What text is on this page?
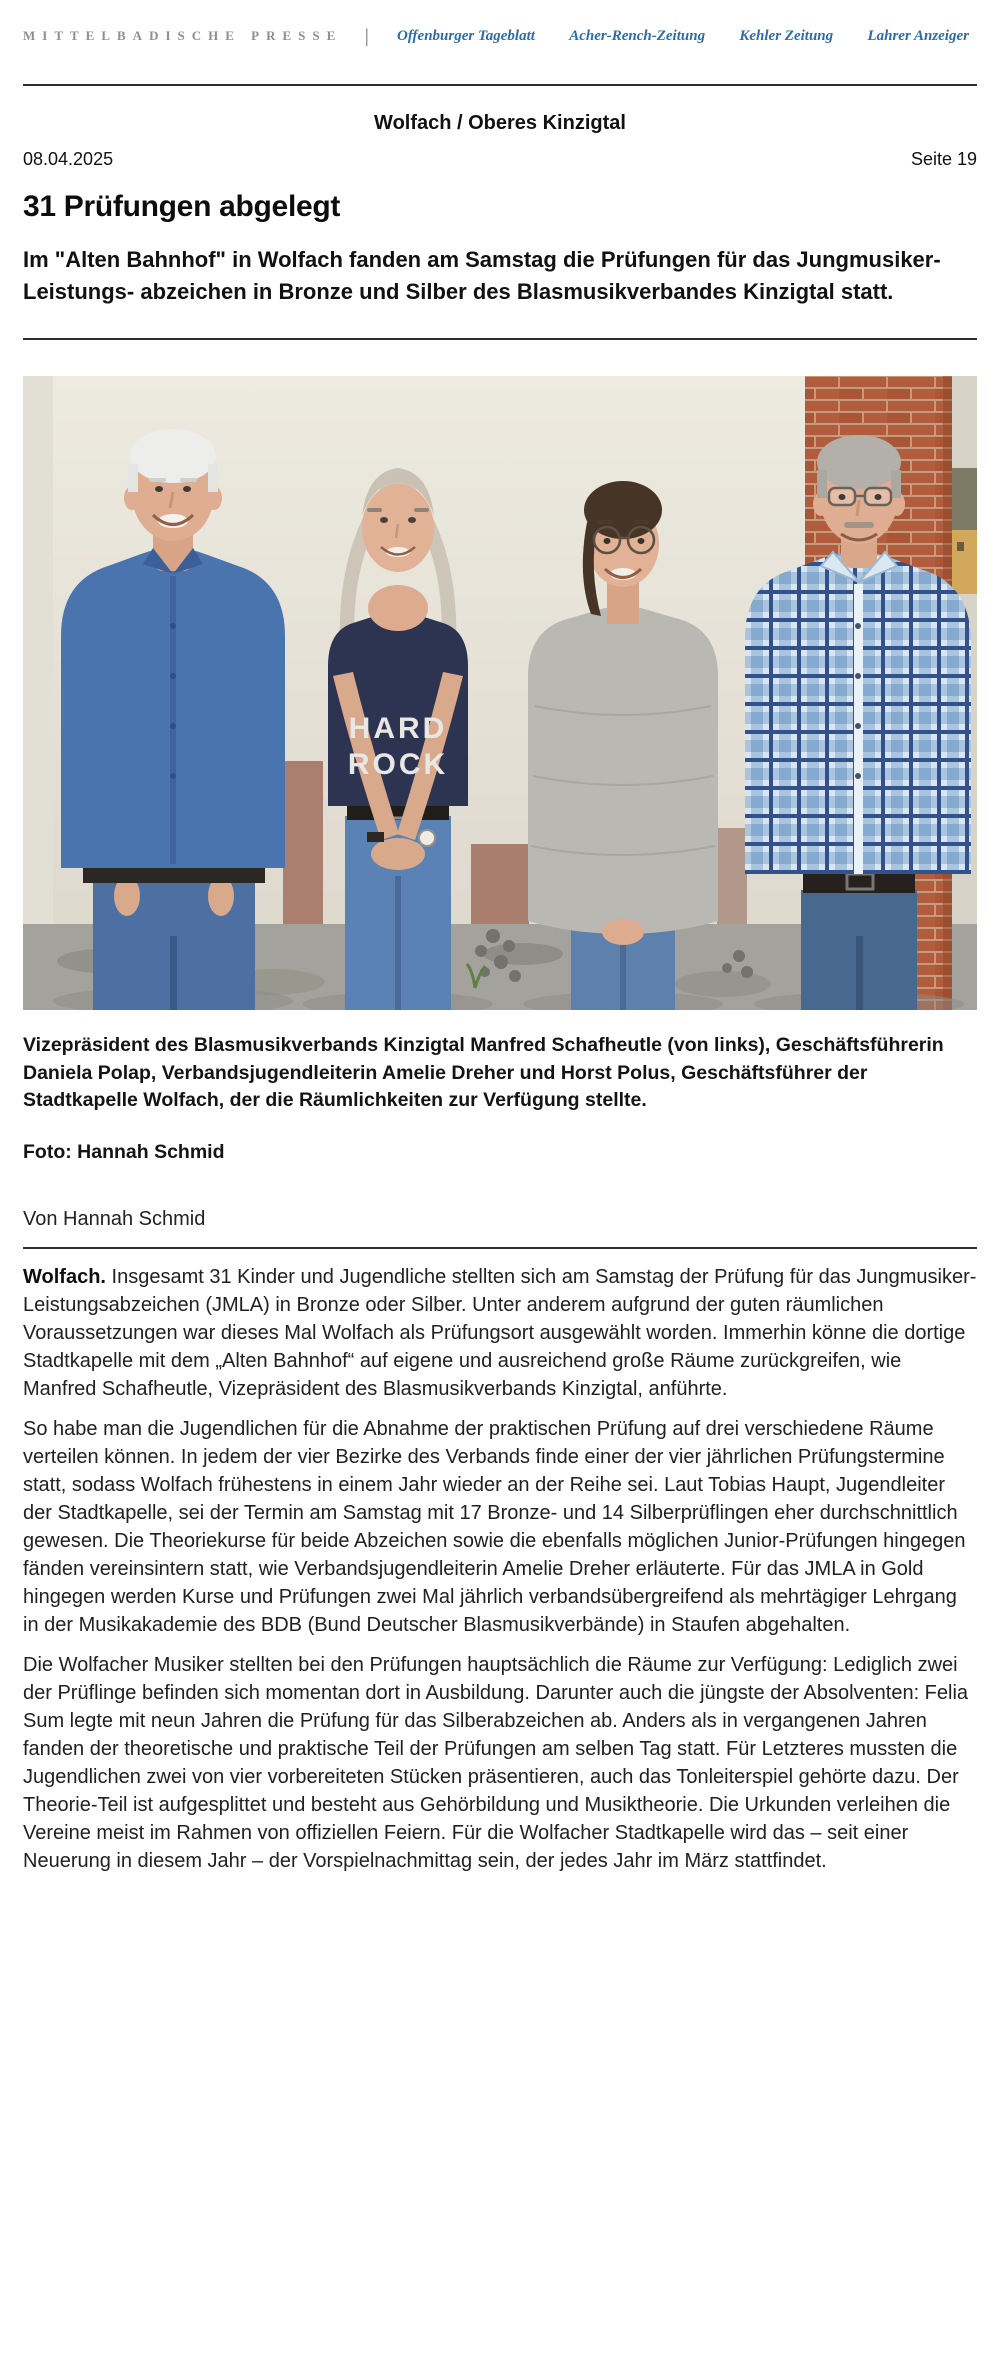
MITTELBADISCHE PRESSE | Offenburger Tageblatt Acher-Rench-Zeitung Kehler Zeitung Lahrer Anzeiger
Wolfach / Oberes Kinzigtal
08.04.2025	Seite 19
31 Prüfungen abgelegt

Im "Alten Bahnhof" in Wolfach fanden am Samstag die Prüfungen für das Jungmusiker-Leistungs- abzeichen in Bronze und Silber des Blasmusikverbandes Kinzigtal statt.

HARD
ROCK
Vizepräsident des Blasmusikverbands Kinzigtal Manfred Schafheutle (von links), Geschäftsführerin Daniela Polap, Verbandsjugendleiterin Amelie Dreher und Horst Polus, Geschäftsführer der Stadtkapelle Wolfach, der die Räumlichkeiten zur Verfügung stellte.
Foto: Hannah Schmid
Von Hannah Schmid

Wolfach. Insgesamt 31 Kinder und Jugendliche stellten sich am Samstag der Prüfung für das Jungmusiker-Leistungsabzeichen (JMLA) in Bronze oder Silber. Unter anderem aufgrund der guten räumlichen Voraussetzungen war dieses Mal Wolfach als Prüfungsort ausgewählt worden. Immerhin könne die dortige Stadtkapelle mit dem „Alten Bahnhof“ auf eigene und ausreichend große Räume zurückgreifen, wie Manfred Schafheutle, Vizepräsident des Blasmusikverbands Kinzigtal, anführte.

So habe man die Jugendlichen für die Abnahme der praktischen Prüfung auf drei verschiedene Räume verteilen können. In jedem der vier Bezirke des Verbands finde einer der vier jährlichen Prüfungstermine statt, sodass Wolfach frühestens in einem Jahr wieder an der Reihe sei. Laut Tobias Haupt, Jugendleiter der Stadtkapelle, sei der Termin am Samstag mit 17 Bronze- und 14 Silberprüflingen eher durchschnittlich gewesen. Die Theoriekurse für beide Abzeichen sowie die ebenfalls möglichen Junior-Prüfungen hingegen fänden vereinsintern statt, wie Verbandsjugendleiterin Amelie Dreher erläuterte. Für das JMLA in Gold hingegen werden Kurse und Prüfungen zwei Mal jährlich verbandsübergreifend als mehrtägiger Lehrgang in der Musikakademie des BDB (Bund Deutscher Blasmusikverbände) in Staufen abgehalten.

Die Wolfacher Musiker stellten bei den Prüfungen hauptsächlich die Räume zur Verfügung: Lediglich zwei der Prüflinge befinden sich momentan dort in Ausbildung. Darunter auch die jüngste der Absolventen: Felia Sum legte mit neun Jahren die Prüfung für das Silberabzeichen ab. Anders als in vergangenen Jahren fanden der theoretische und praktische Teil der Prüfungen am selben Tag statt. Für Letzteres mussten die Jugendlichen zwei von vier vorbereiteten Stücken präsentieren, auch das Tonleiterspiel gehörte dazu. Der Theorie-Teil ist aufgesplittet und besteht aus Gehörbildung und Musiktheorie. Die Urkunden verleihen die Vereine meist im Rahmen von offiziellen Feiern. Für die Wolfacher Stadtkapelle wird das – seit einer Neuerung in diesem Jahr – der Vorspielnachmittag sein, der jedes Jahr im März stattfindet.
